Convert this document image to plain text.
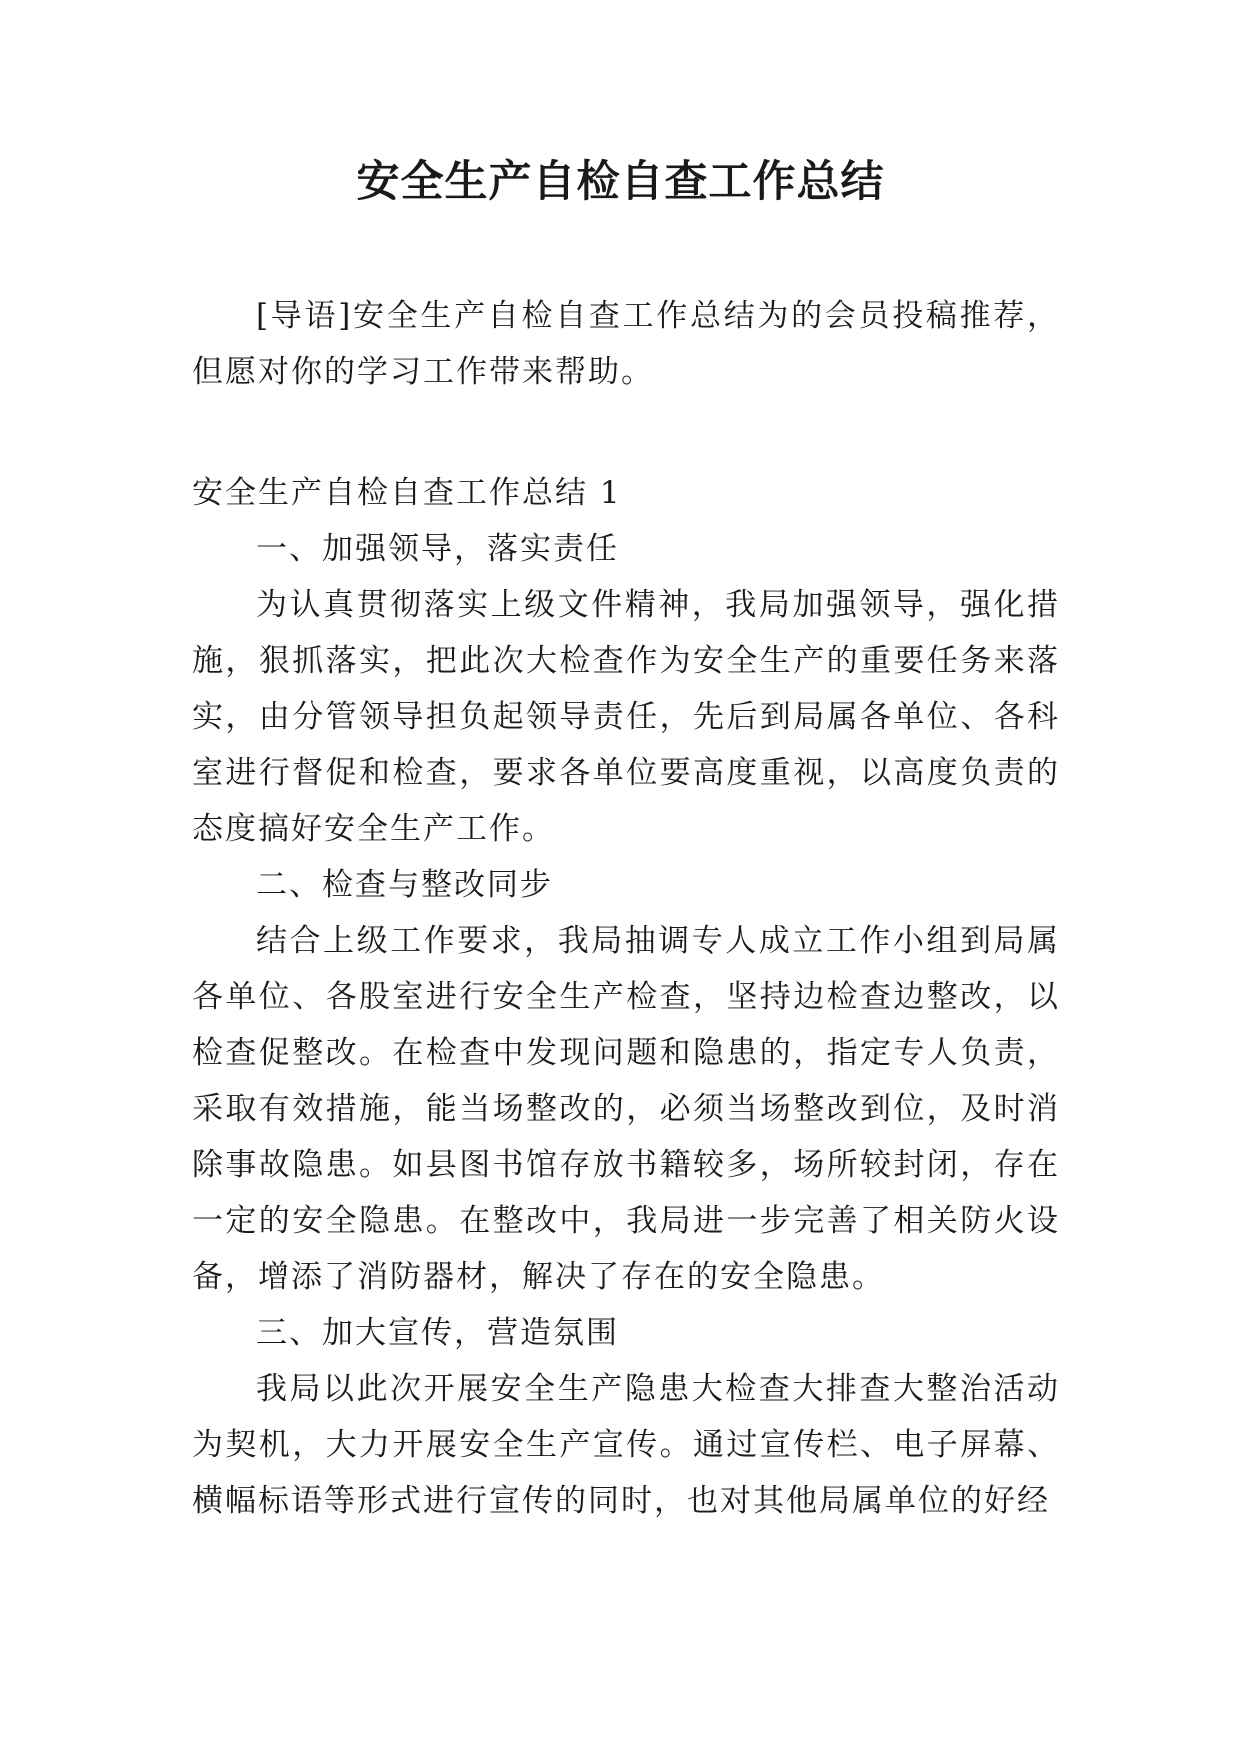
安全生产自检自查工作总结

[导语]安全生产自检自查工作总结为的会员投稿推荐，但愿对你的学习工作带来帮助。

安全生产自检自查工作总结 1

一、加强领导，落实责任

为认真贯彻落实上级文件精神，我局加强领导，强化措施，狠抓落实，把此次大检查作为安全生产的重要任务来落实，由分管领导担负起领导责任，先后到局属各单位、各科室进行督促和检查，要求各单位要高度重视，以高度负责的态度搞好安全生产工作。

二、检查与整改同步

结合上级工作要求，我局抽调专人成立工作小组到局属各单位、各股室进行安全生产检查，坚持边检查边整改，以检查促整改。在检查中发现问题和隐患的，指定专人负责，采取有效措施，能当场整改的，必须当场整改到位，及时消除事故隐患。如县图书馆存放书籍较多，场所较封闭，存在一定的安全隐患。在整改中，我局进一步完善了相关防火设备，增添了消防器材，解决了存在的安全隐患。

三、加大宣传，营造氛围

我局以此次开展安全生产隐患大检查大排查大整治活动为契机，大力开展安全生产宣传。通过宣传栏、电子屏幕、横幅标语等形式进行宣传的同时，也对其他局属单位的好经
